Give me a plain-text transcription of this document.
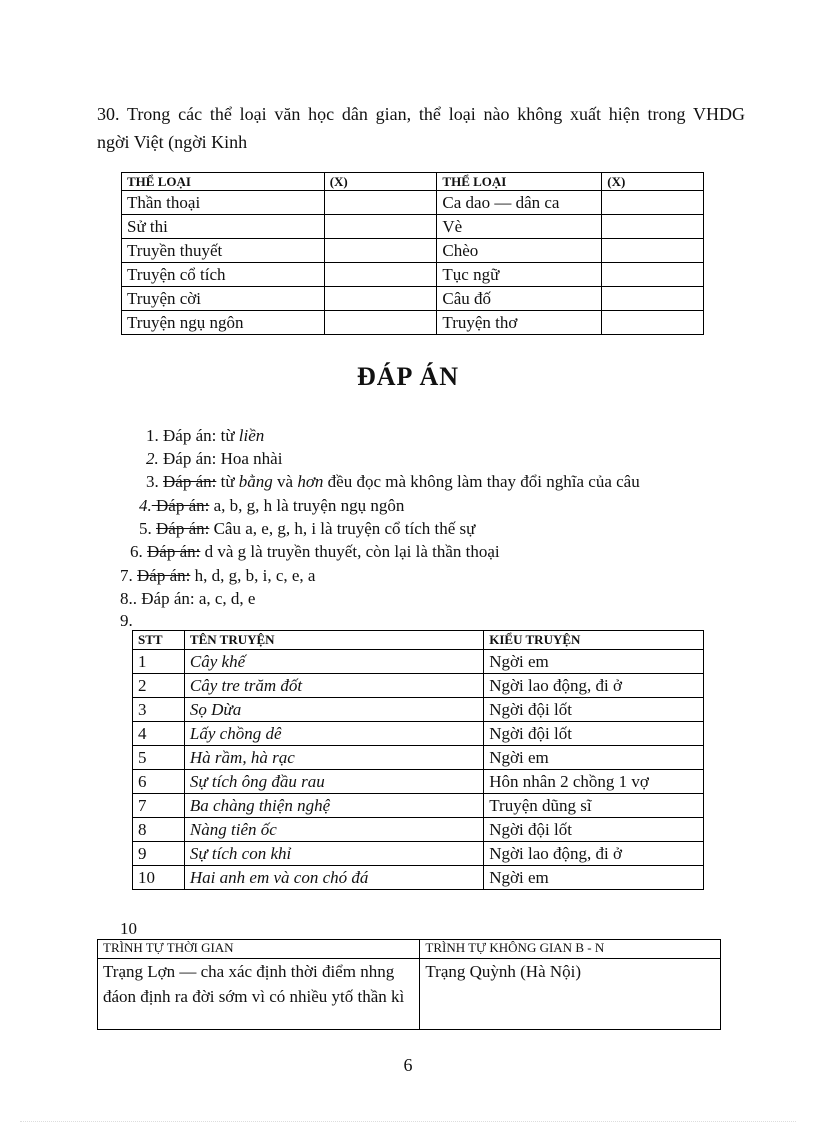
30. Trong các thể loại văn học dân gian, thể loại nào không xuất hiện trong VHDG
ngời Việt (ngời Kinh
THỂ LOẠI	(X)	THỂ LOẠI	(X)
Thần thoại		Ca dao — dân ca	
Sử thi		Vè	
Truyền thuyết		Chèo	
Truyện cổ tích		Tục ngữ	
Truyện cời		Câu đố	
Truyện ngụ ngôn		Truyện thơ	
ĐÁP ÁN
1. Đáp án: từ liền
2. Đáp án: Hoa nhài
3. Đáp án: từ bằng và hơn đều đọc mà không làm thay đổi nghĩa của câu
4. Đáp án: a, b, g, h là truyện ngụ ngôn
5. Đáp án: Câu a, e, g, h, i là truyện cổ tích thế sự
6. Đáp án: d và g là truyền thuyết, còn lại là thần thoại
7. Đáp án: h, d, g, b, i, c, e, a
8.. Đáp án: a, c, d, e
9.
STT	TÊN TRUYỆN	KIỂU TRUYỆN
1	Cây khế	Ngời em
2	Cây tre trăm đốt	Ngời lao động, đi ở
3	Sọ Dừa	Ngời đội lốt
4	Lấy chồng dê	Ngời đội lốt
5	Hà rầm, hà rạc	Ngời em
6	Sự tích ông đầu rau	Hôn nhân 2 chồng 1 vợ
7	Ba chàng thiện nghệ	Truyện dũng sĩ
8	Nàng tiên ốc	Ngời đội lốt
9	Sự tích con khỉ	Ngời lao động, đi ở
10	Hai anh em và con chó đá	Ngời em
10
TRÌNH TỰ THỜI GIAN	TRÌNH TỰ KHÔNG GIAN B - N
Trạng Lợn — cha xác định thời điểm nhng đáon định ra đời sớm vì có nhiều ytố thần kì	Trạng Quỳnh (Hà Nội)
6
